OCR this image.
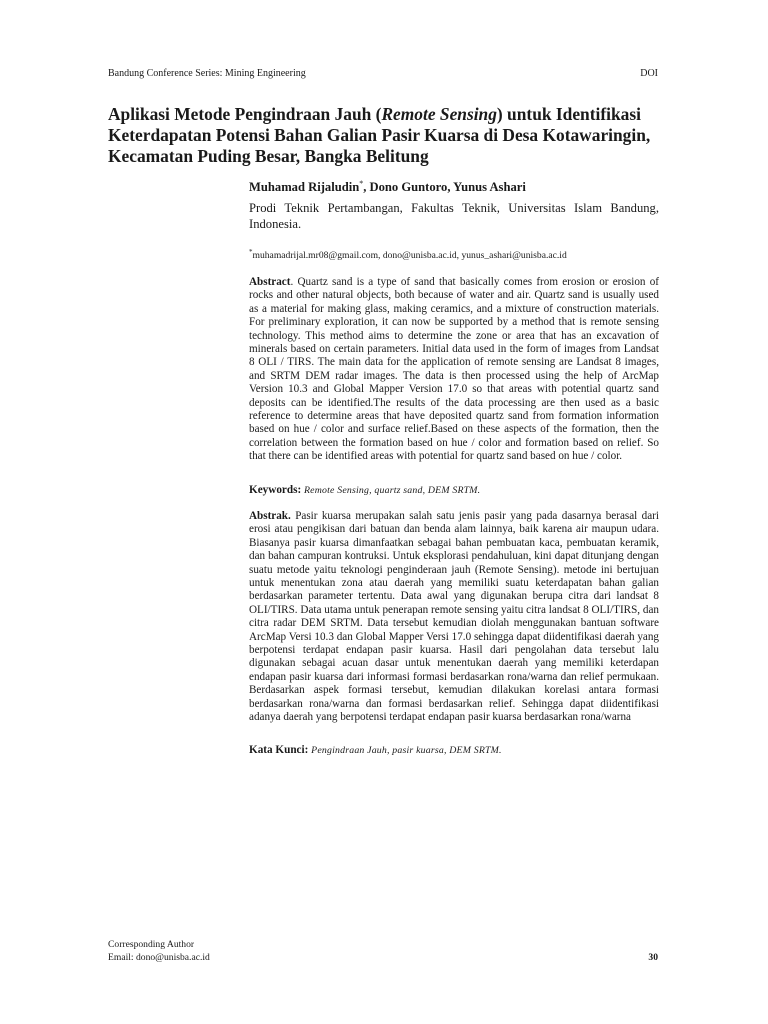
Bandung Conference Series: Mining Engineering	DOI
Aplikasi Metode Pengindraan Jauh (Remote Sensing) untuk Identifikasi Keterdapatan Potensi Bahan Galian Pasir Kuarsa di Desa Kotawaringin, Kecamatan Puding Besar, Bangka Belitung
Muhamad Rijaludin*, Dono Guntoro, Yunus Ashari
Prodi Teknik Pertambangan, Fakultas Teknik, Universitas Islam Bandung, Indonesia.
*muhamadrijal.mr08@gmail.com, dono@unisba.ac.id, yunus_ashari@unisba.ac.id

Abstract. Quartz sand is a type of sand that basically comes from erosion or erosion of rocks and other natural objects, both because of water and air. Quartz sand is usually used as a material for making glass, making ceramics, and a mixture of construction materials. For preliminary exploration, it can now be supported by a method that is remote sensing technology. This method aims to determine the zone or area that has an excavation of minerals based on certain parameters. Initial data used in the form of images from Landsat 8 OLI / TIRS. The main data for the application of remote sensing are Landsat 8 images, and SRTM DEM radar images. The data is then processed using the help of ArcMap Version 10.3 and Global Mapper Version 17.0 so that areas with potential quartz sand deposits can be identified.The results of the data processing are then used as a basic reference to determine areas that have deposited quartz sand from formation information based on hue / color and surface relief.Based on these aspects of the formation, then the correlation between the formation based on hue / color and formation based on relief. So that there can be identified areas with potential for quartz sand based on hue / color.

Keywords: Remote Sensing, quartz sand, DEM SRTM.

Abstrak. Pasir kuarsa merupakan salah satu jenis pasir yang pada dasarnya berasal dari erosi atau pengikisan dari batuan dan benda alam lainnya, baik karena air maupun udara. Biasanya pasir kuarsa dimanfaatkan sebagai bahan pembuatan kaca, pembuatan keramik, dan bahan campuran kontruksi. Untuk eksplorasi pendahuluan, kini dapat ditunjang dengan suatu metode yaitu teknologi penginderaan jauh (Remote Sensing). metode ini bertujuan untuk menentukan zona atau daerah yang memiliki suatu keterdapatan bahan galian berdasarkan parameter tertentu. Data awal yang digunakan berupa citra dari landsat 8 OLI/TIRS. Data utama untuk penerapan remote sensing yaitu citra landsat 8 OLI/TIRS, dan citra radar DEM SRTM. Data tersebut kemudian diolah menggunakan bantuan software ArcMap Versi 10.3 dan Global Mapper Versi 17.0 sehingga dapat diidentifikasi daerah yang berpotensi terdapat endapan pasir kuarsa. Hasil dari pengolahan data tersebut lalu digunakan sebagai acuan dasar untuk menentukan daerah yang memiliki keterdapan endapan pasir kuarsa dari informasi formasi berdasarkan rona/warna dan relief permukaan. Berdasarkan aspek formasi tersebut, kemudian dilakukan korelasi antara formasi berdasarkan rona/warna dan formasi berdasarkan relief. Sehingga dapat diidentifikasi adanya daerah yang berpotensi terdapat endapan pasir kuarsa berdasarkan rona/warna

Kata Kunci: Pengindraan Jauh, pasir kuarsa, DEM SRTM.
Corresponding Author
Email: dono@unisba.ac.id	30
